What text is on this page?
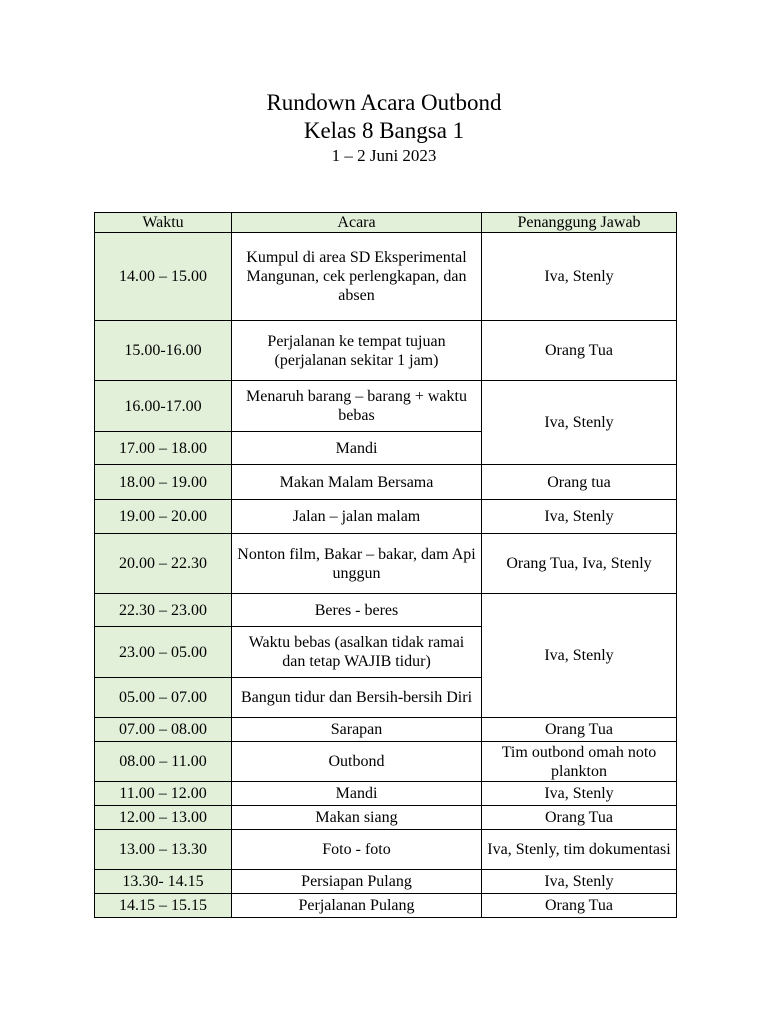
Rundown Acara Outbond
Kelas 8 Bangsa 1
1 – 2 Juni 2023
Waktu	Acara	Penanggung Jawab
14.00 – 15.00	Kumpul di area SD Eksperimental Mangunan, cek perlengkapan, dan absen	Iva, Stenly
15.00-16.00	Perjalanan ke tempat tujuan (perjalanan sekitar 1 jam)	Orang Tua
16.00-17.00	Menaruh barang – barang + waktu bebas	Iva, Stenly
17.00 – 18.00	Mandi	
18.00 – 19.00	Makan Malam Bersama	Orang tua
19.00 – 20.00	Jalan – jalan malam	Iva, Stenly
20.00 – 22.30	Nonton film, Bakar – bakar, dam Api unggun	Orang Tua, Iva, Stenly
22.30 – 23.00	Beres - beres	Iva, Stenly
23.00 – 05.00	Waktu bebas (asalkan tidak ramai dan tetap WAJIB tidur)	
05.00 – 07.00	Bangun tidur dan Bersih-bersih Diri	
07.00 – 08.00	Sarapan	Orang Tua
08.00 – 11.00	Outbond	Tim outbond omah noto plankton
11.00 – 12.00	Mandi	Iva, Stenly
12.00 – 13.00	Makan siang	Orang Tua
13.00 – 13.30	Foto - foto	Iva, Stenly, tim dokumentasi
13.30- 14.15	Persiapan Pulang	Iva, Stenly
14.15 – 15.15	Perjalanan Pulang	Orang Tua
